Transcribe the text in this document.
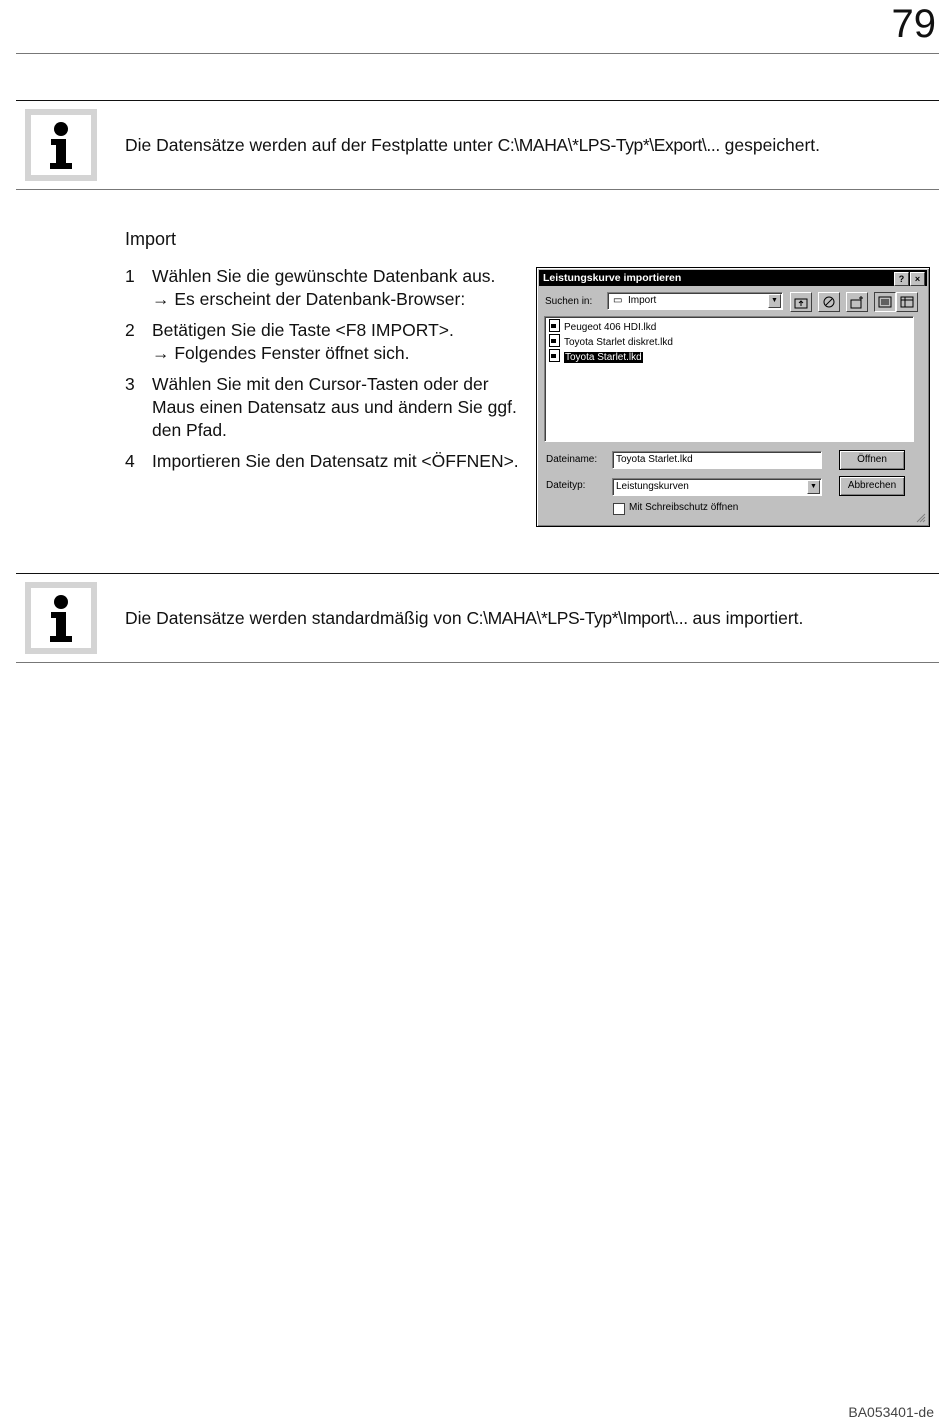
79
Die Datensätze werden auf der Festplatte unter C:\MAHA\*LPS-Typ*\Export\... gespeichert.
Import
1 Wählen Sie die gewünschte Datenbank aus.
→ Es erscheint der Datenbank-Browser:
2 Betätigen Sie die Taste <F8 IMPORT>.
→ Folgendes Fenster öffnet sich.
3 Wählen Sie mit den Cursor-Tasten oder der Maus einen Datensatz aus und ändern Sie ggf. den Pfad.
4 Importieren Sie den Datensatz mit <ÖFFNEN>.
Leistungskurve importieren	?	×
Suchen in: ▭ Import	▼
Peugeot 406 HDI.lkd
Toyota Starlet diskret.lkd
Toyota Starlet.lkd
Dateiname: Toyota Starlet.lkd	Öffnen
Dateityp:	Leistungskurven	▼	Abbrechen
Mit Schreibschutz öffnen
Die Datensätze werden standardmäßig von C:\MAHA\*LPS-Typ*\Import\... aus importiert.
BA053401-de
